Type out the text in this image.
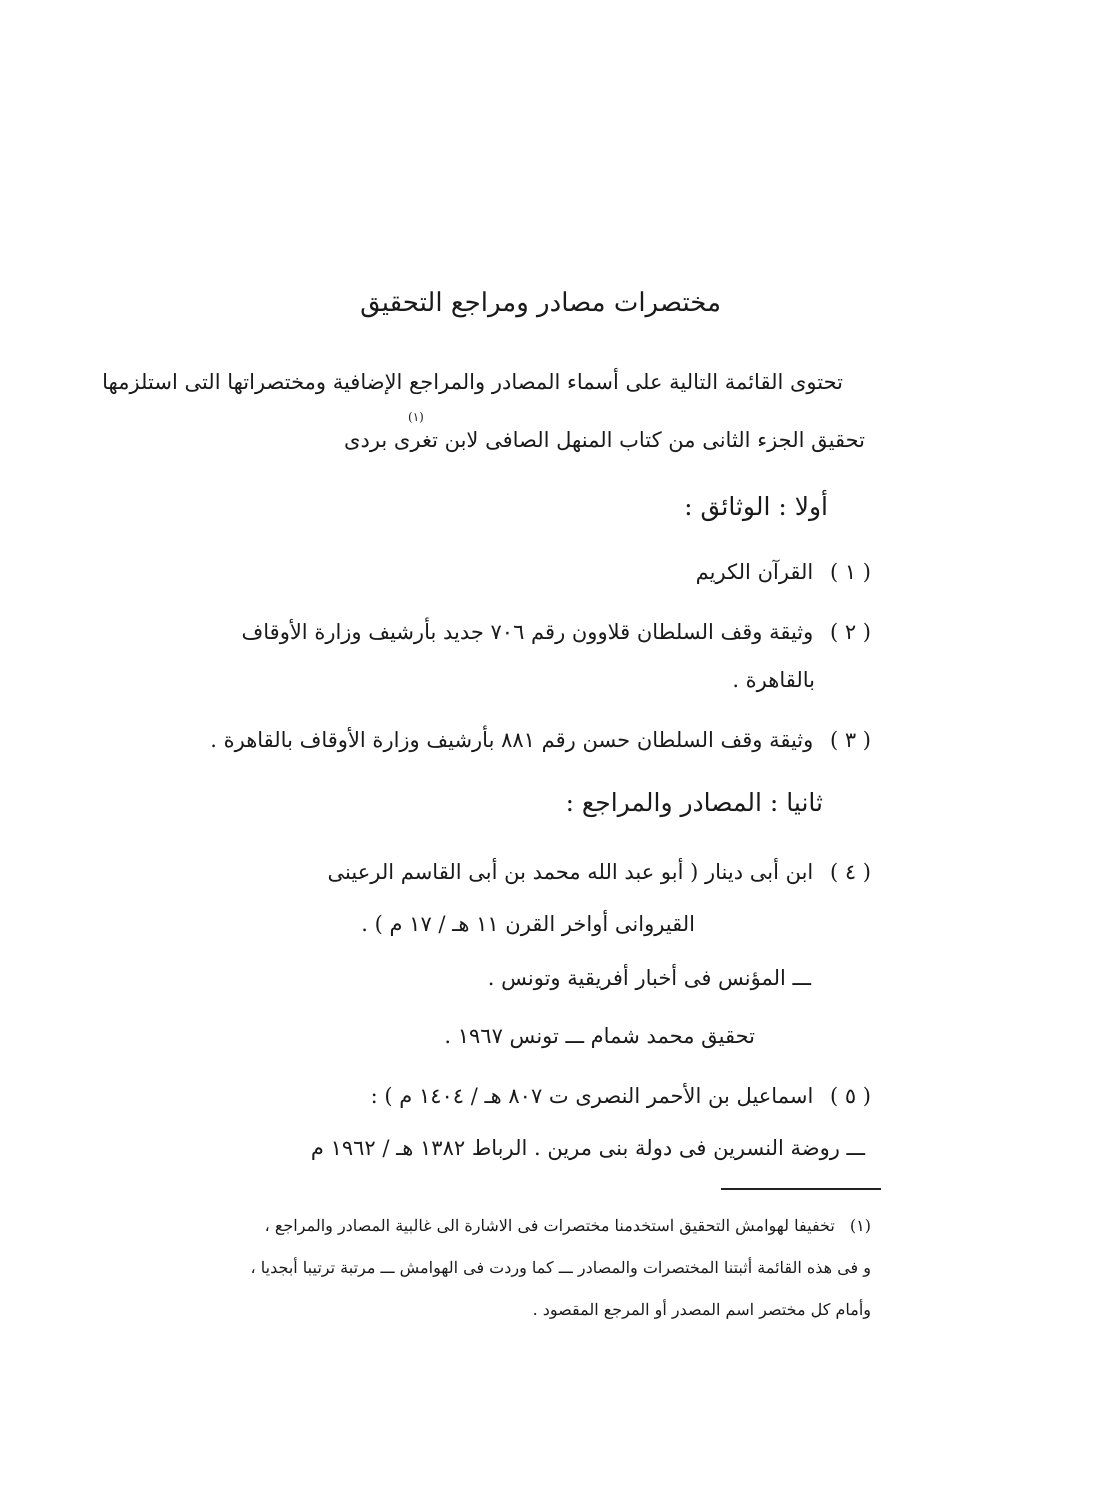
مختصرات مصادر ومراجع التحقيق
تحتوى القائمة التالية على أسماء المصادر والمراجع الإضافية ومختصراتها التى استلزمها
تحقيق الجزء الثانى من كتاب المنهل الصافى لابن تغرى بردى
(١)
أولا : الوثائق :
( ١ ) القرآن الكريم
( ٢ ) وثيقة وقف السلطان قلاوون رقم ٧٠٦ جديد بأرشيف وزارة الأوقاف
بالقاهرة .
( ٣ ) وثيقة وقف السلطان حسن رقم ٨٨١ بأرشيف وزارة الأوقاف بالقاهرة .
ثانيا : المصادر والمراجع :
( ٤ ) ابن أبى دينار ( أبو عبد الله محمد بن أبى القاسم الرعينى
القيروانى أواخر القرن ١١ هـ / ١٧ م ) .
ـــ المؤنس فى أخبار أفريقية وتونس .
تحقيق محمد شمام ـــ تونس ١٩٦٧ .
( ٥ ) اسماعيل بن الأحمر النصرى ت ٨٠٧ هـ / ١٤٠٤ م ) :
ـــ روضة النسرين فى دولة بنى مرين . الرباط ١٣٨٢ هـ / ١٩٦٢ م
(١) تخفيفا لهوامش التحقيق استخدمنا مختصرات فى الاشارة الى غالبية المصادر والمراجع ،
و فى هذه القائمة أثبتنا المختصرات والمصادر ـــ كما وردت فى الهوامش ـــ مرتبة ترتيبا أبجديا ،
وأمام كل مختصر اسم المصدر أو المرجع المقصود .
